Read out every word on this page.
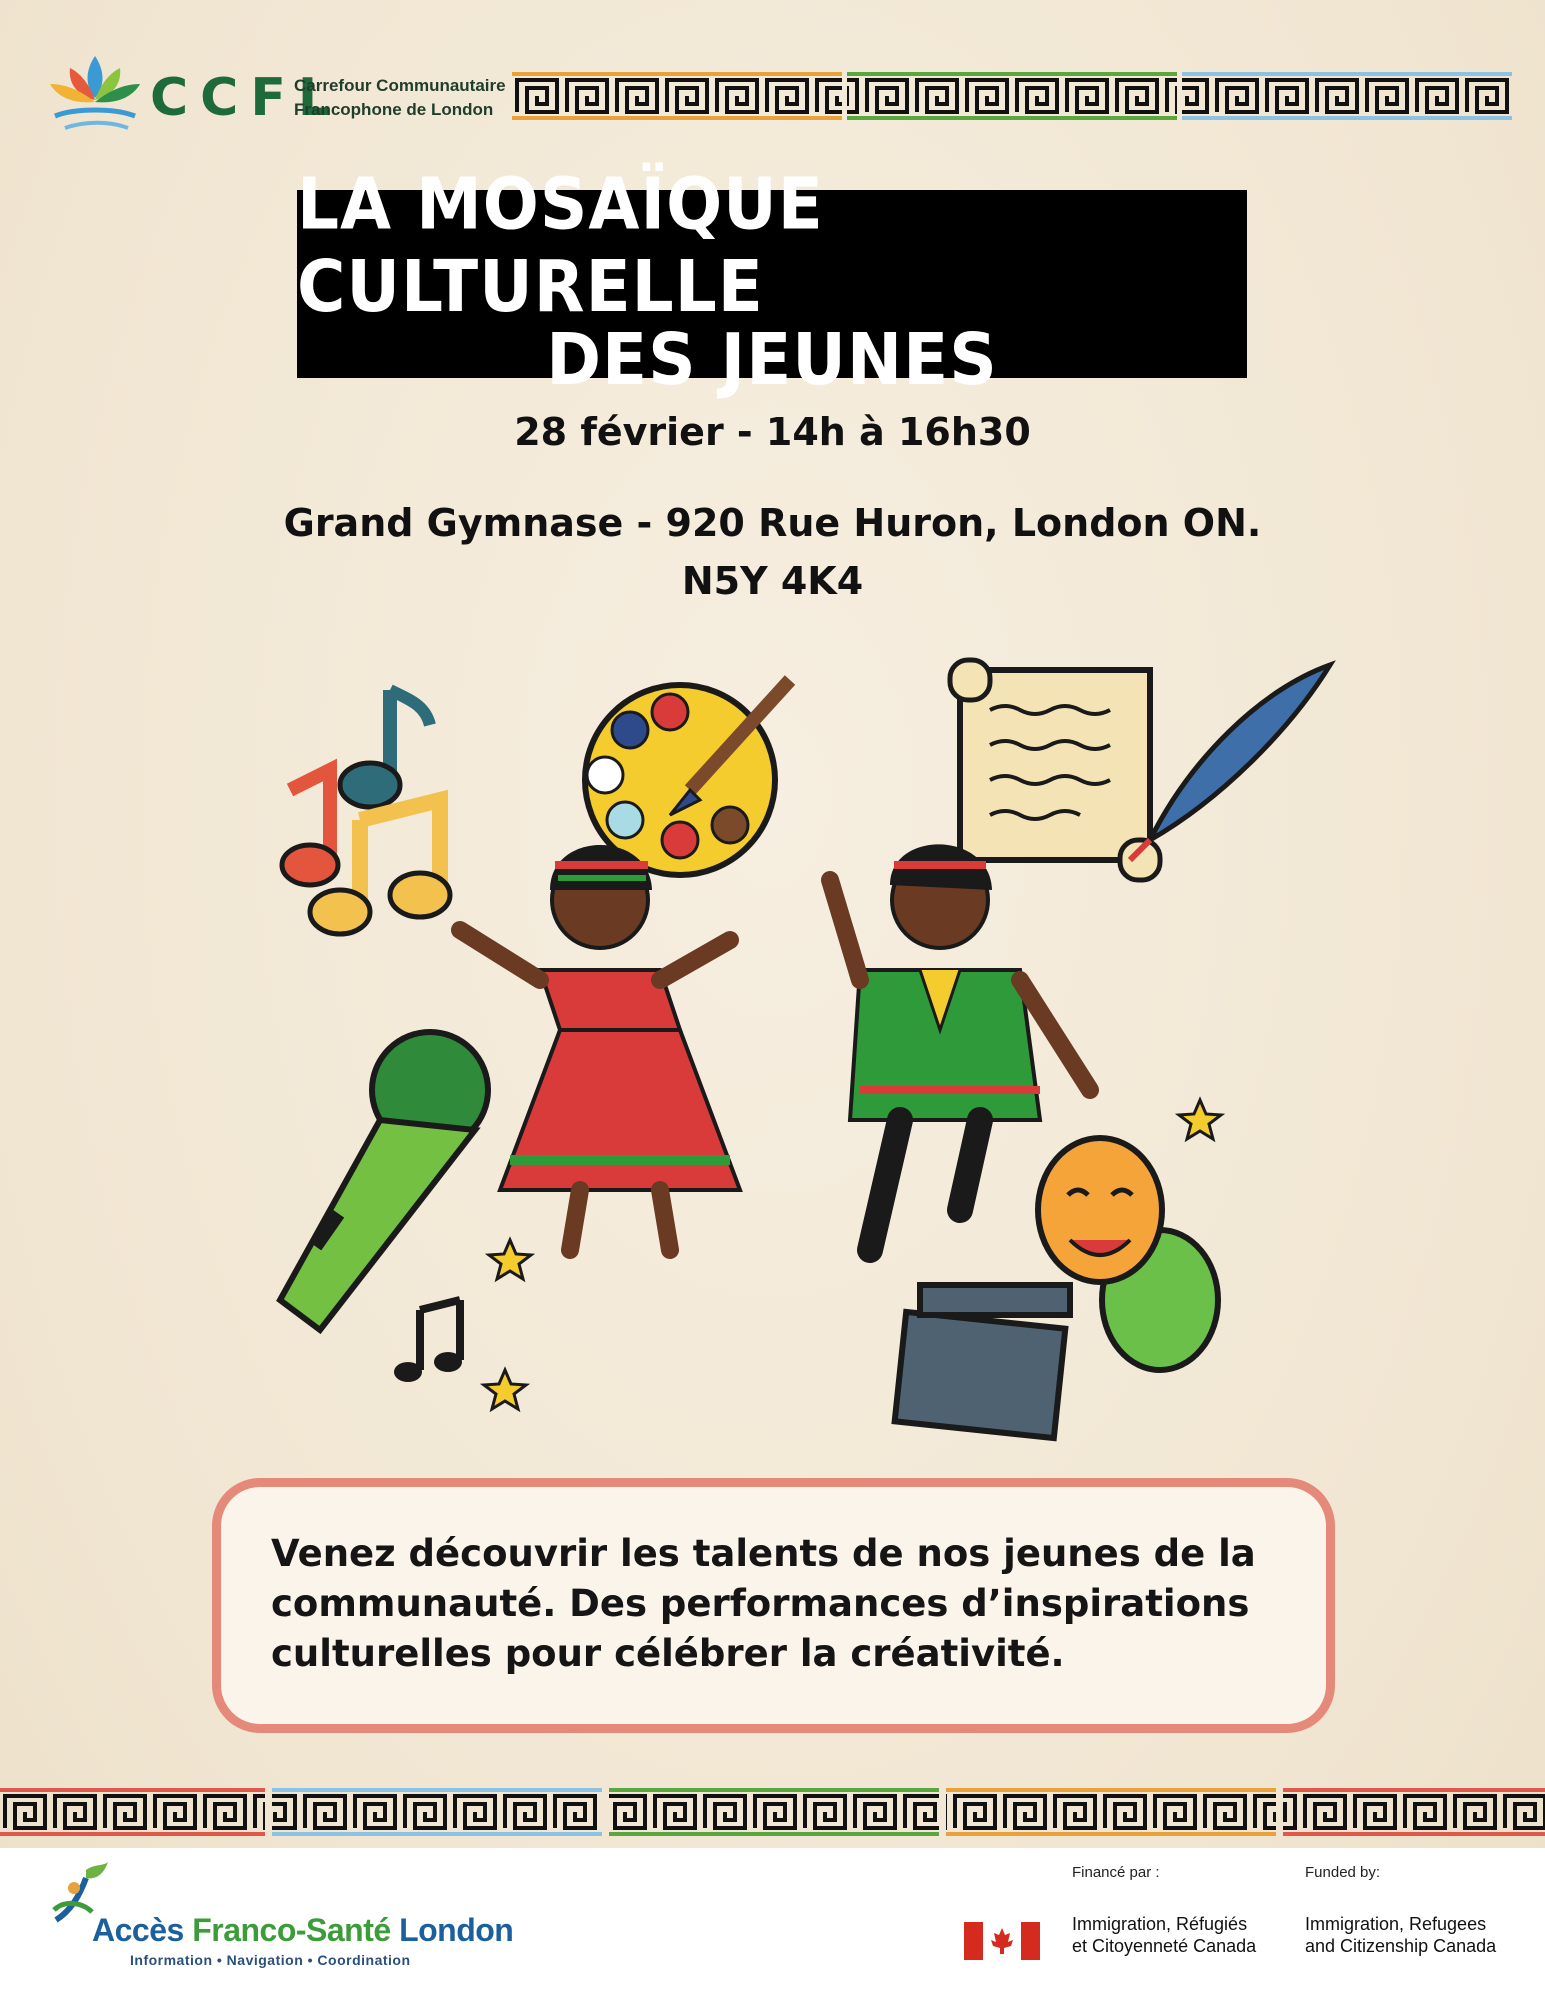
CCFL
Carrefour Communautaire
Francophone de London
LA MOSAÏQUE CULTURELLE
DES JEUNES
28 février - 14h à 16h30
Grand Gymnase - 920 Rue Huron, London ON.
N5Y 4K4
Venez découvrir les talents de nos jeunes de la
communauté. Des performances d’inspirations
culturelles pour célébrer la créativité.
Accès Franco-Santé London
Information • Navigation • Coordination
Financé par :	Funded by:
Immigration, Réfugiés
et Citoyenneté Canada
Immigration, Refugees
and Citizenship Canada
